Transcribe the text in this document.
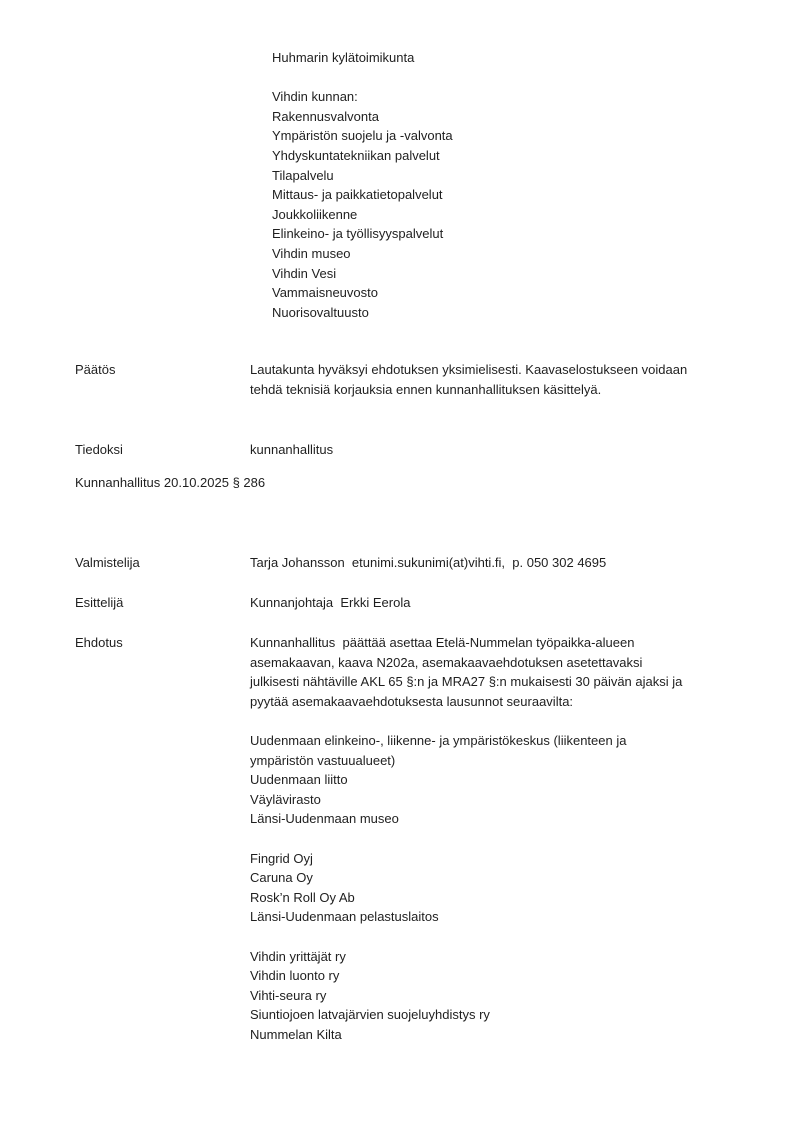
Huhmarin kylätoimikunta
Vihdin kunnan:
Rakennusvalvonta
Ympäristön suojelu ja -valvonta
Yhdyskuntatekniikan palvelut
Tilapalvelu
Mittaus- ja paikkatietopalvelut
Joukkoliikenne
Elinkeino- ja työllisyyspalvelut
Vihdin museo
Vihdin Vesi
Vammaisneuvosto
Nuorisovaltuusto
Päätös	Lautakunta hyväksyi ehdotuksen yksimielisesti. Kaavaselostukseen voidaan
tehdä teknisiä korjauksia ennen kunnanhallituksen käsittelyä.
Tiedoksi	kunnanhallitus
Kunnanhallitus 20.10.2025 § 286
Valmistelija	Tarja Johansson  etunimi.sukunimi(at)vihti.fi,  p. 050 302 4695
Esittelijä	Kunnanjohtaja  Erkki Eerola
Ehdotus	Kunnanhallitus  päättää asettaa Etelä-Nummelan työpaikka-alueen
asemakaavan, kaava N202a, asemakaavaehdotuksen asetettavaksi
julkisesti nähtäville AKL 65 §:n ja MRA27 §:n mukaisesti 30 päivän ajaksi ja
pyytää asemakaavaehdotuksesta lausunnot seuraavilta:
Uudenmaan elinkeino-, liikenne- ja ympäristökeskus (liikenteen ja
ympäristön vastuualueet)
Uudenmaan liitto
Väylävirasto
Länsi-Uudenmaan museo
Fingrid Oyj
Caruna Oy
Rosk’n Roll Oy Ab
Länsi-Uudenmaan pelastuslaitos
Vihdin yrittäjät ry
Vihdin luonto ry
Vihti-seura ry
Siuntiojoen latvajärvien suojeluyhdistys ry
Nummelan Kilta
